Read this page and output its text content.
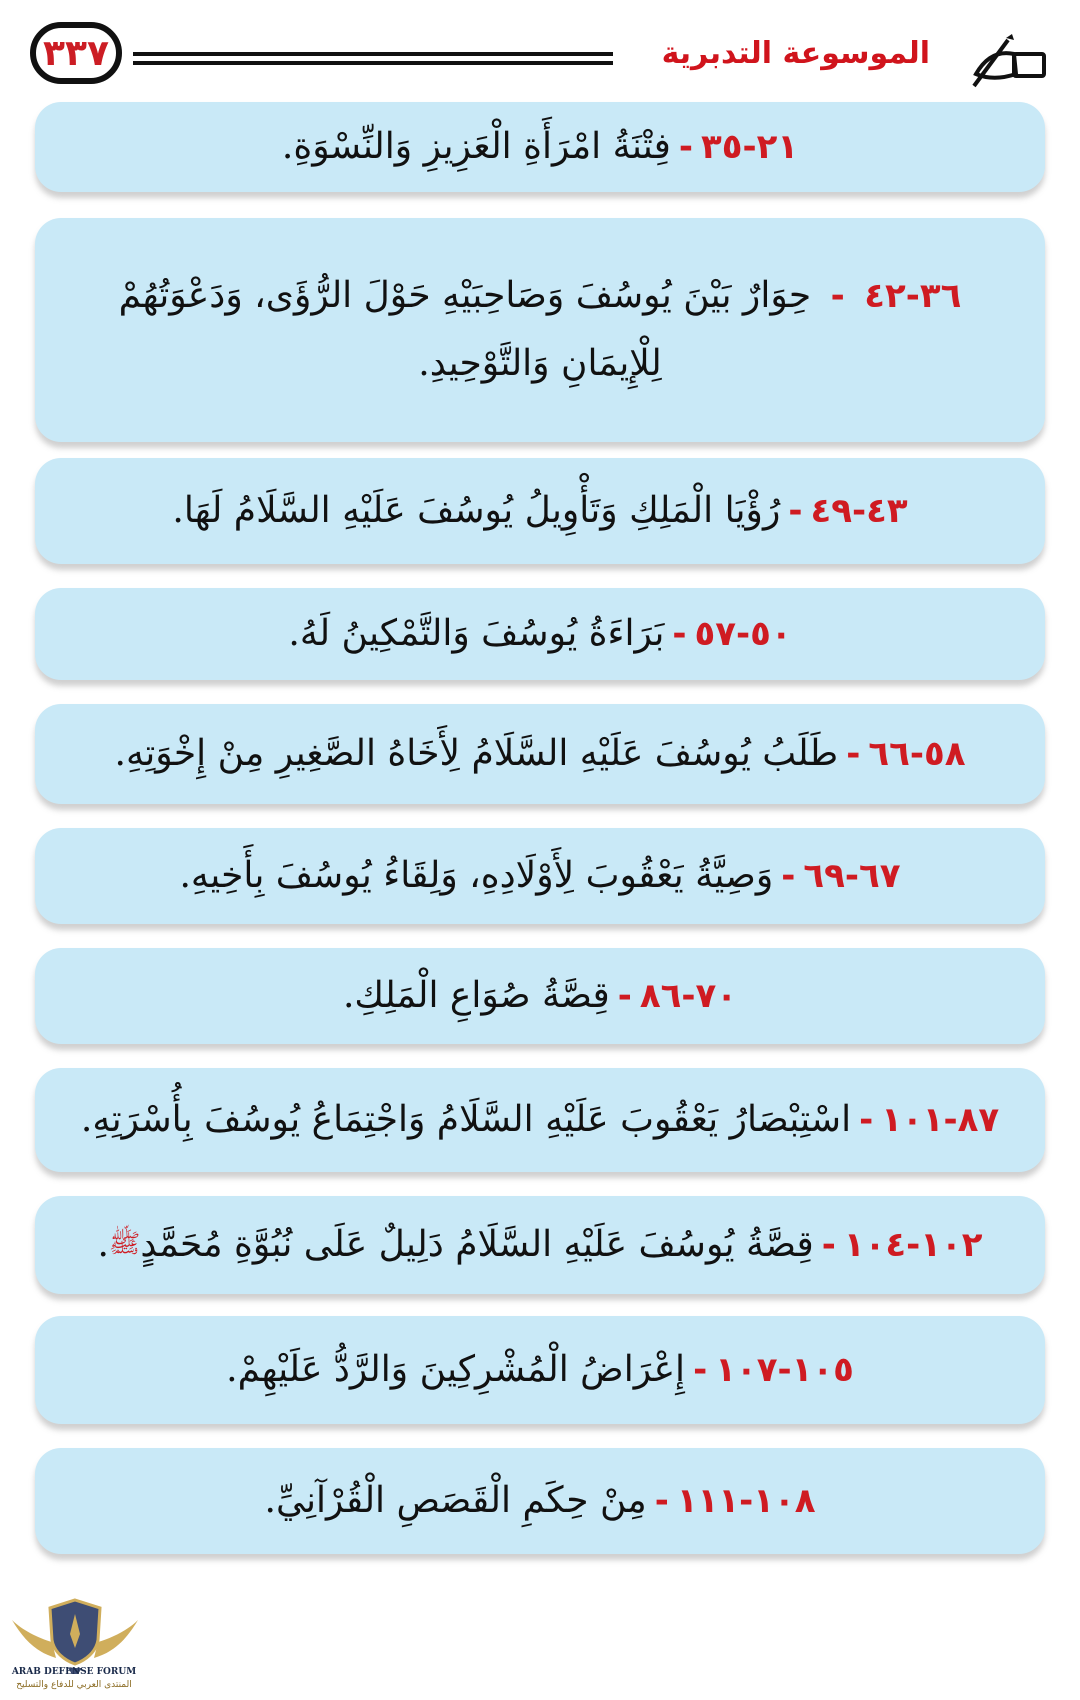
٣٣٧	الموسوعة التدبرية
٢١-٣٥
-
فِتْنَةُ امْرَأَةِ الْعَزِيزِ وَالنِّسْوَةِ.
٣٦-٤٢ - حِوَارٌ بَيْنَ يُوسُفَ وَصَاحِبَيْهِ حَوْلَ الرُّؤَى، وَدَعْوَتُهُمْ لِلْإِيمَانِ وَالتَّوْحِيدِ.
٤٣-٤٩
-
رُؤْيَا الْمَلِكِ وَتَأْوِيلُ يُوسُفَ عَلَيْهِ السَّلَامُ لَهَا.
٥٠-٥٧
-
بَرَاءَةُ يُوسُفَ وَالتَّمْكِينُ لَهُ.
٥٨-٦٦
-
طَلَبُ يُوسُفَ عَلَيْهِ السَّلَامُ لِأَخَاهُ الصَّغِيرِ مِنْ إِخْوَتِهِ.
٦٧-٦٩
-
وَصِيَّةُ يَعْقُوبَ لِأَوْلَادِهِ، وَلِقَاءُ يُوسُفَ بِأَخِيهِ.
٧٠-٨٦
-
قِصَّةُ صُوَاعِ الْمَلِكِ.
٨٧-١٠١
-
اسْتِبْصَارُ يَعْقُوبَ عَلَيْهِ السَّلَامُ وَاجْتِمَاعُ يُوسُفَ بِأُسْرَتِهِ.
١٠٢-١٠٤
-
قِصَّةُ يُوسُفَ عَلَيْهِ السَّلَامُ دَلِيلٌ عَلَى نُبُوَّةِ مُحَمَّدٍ
ﷺ
.
١٠٥-١٠٧
-
إِعْرَاضُ الْمُشْرِكِينَ وَالرَّدُّ عَلَيْهِمْ.
١٠٨-١١١
-
مِنْ حِكَمِ الْقَصَصِ الْقُرْآنِيِّ.
ARAB DEFENSE FORUM
المنتدى العربي للدفاع والتسليح
